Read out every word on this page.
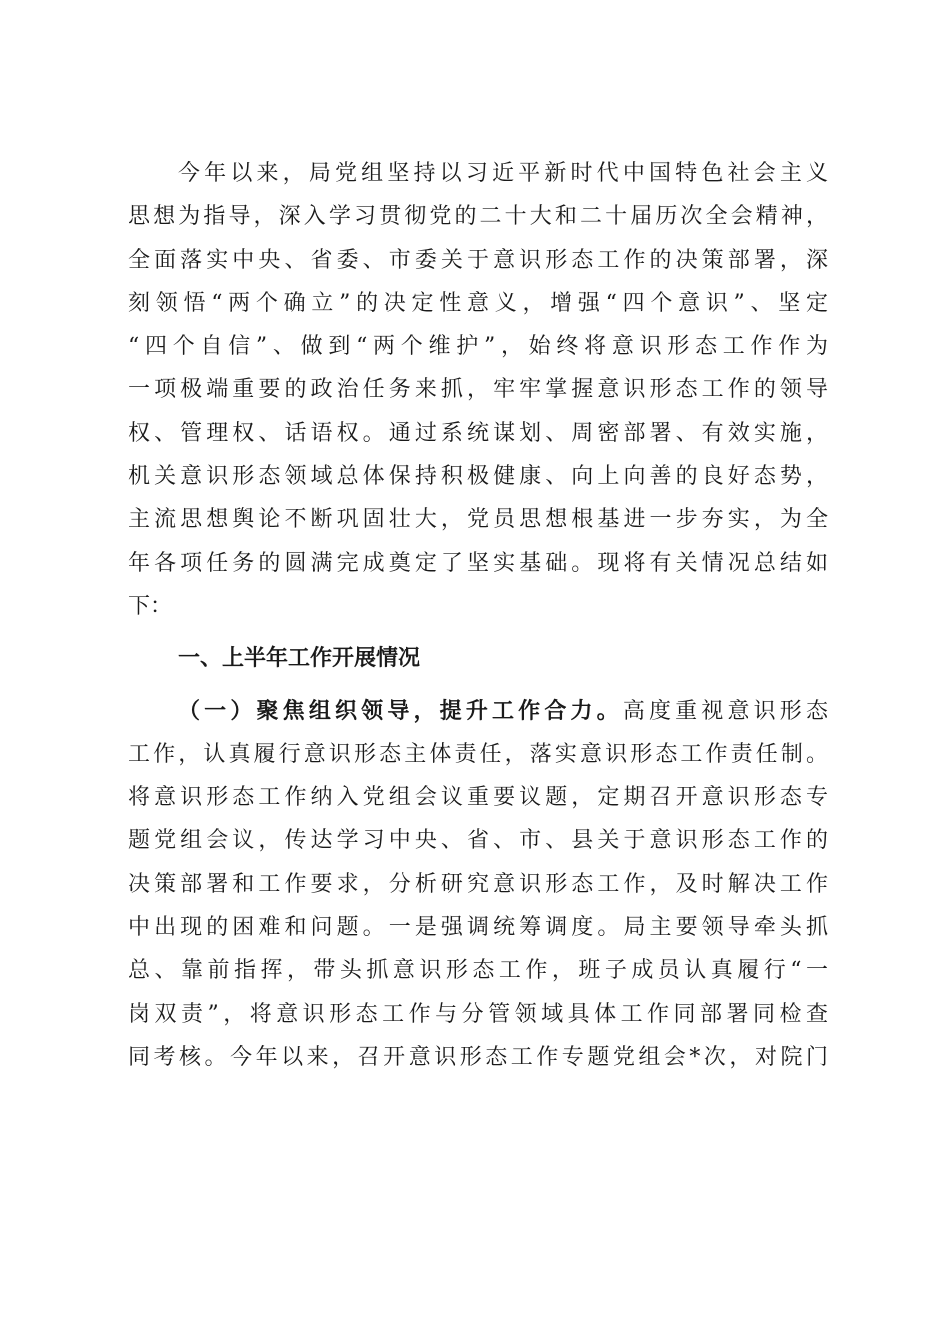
今年以来，局党组坚持以习近平新时代中国特色社会主义
思想为指导，深入学习贯彻党的二十大和二十届历次全会精神，
全面落实中央、省委、市委关于意识形态工作的决策部署，深
刻领悟“两个确立”的决定性意义，增强“四个意识”、坚定
“四个自信”、做到“两个维护”，始终将意识形态工作作为
一项极端重要的政治任务来抓，牢牢掌握意识形态工作的领导
权、管理权、话语权。通过系统谋划、周密部署、有效实施，
机关意识形态领域总体保持积极健康、向上向善的良好态势，
主流思想舆论不断巩固壮大，党员思想根基进一步夯实，为全
年各项任务的圆满完成奠定了坚实基础。现将有关情况总结如
下：
一、上半年工作开展情况
（一）聚焦组织领导，提升工作合力。高度重视意识形态
工作，认真履行意识形态主体责任，落实意识形态工作责任制。
将意识形态工作纳入党组会议重要议题，定期召开意识形态专
题党组会议，传达学习中央、省、市、县关于意识形态工作的
决策部署和工作要求，分析研究意识形态工作，及时解决工作
中出现的困难和问题。一是强调统筹调度。局主要领导牵头抓
总、靠前指挥，带头抓意识形态工作，班子成员认真履行“一
岗双责”，将意识形态工作与分管领域具体工作同部署同检查
同考核。今年以来，召开意识形态工作专题党组会*次，对院门
